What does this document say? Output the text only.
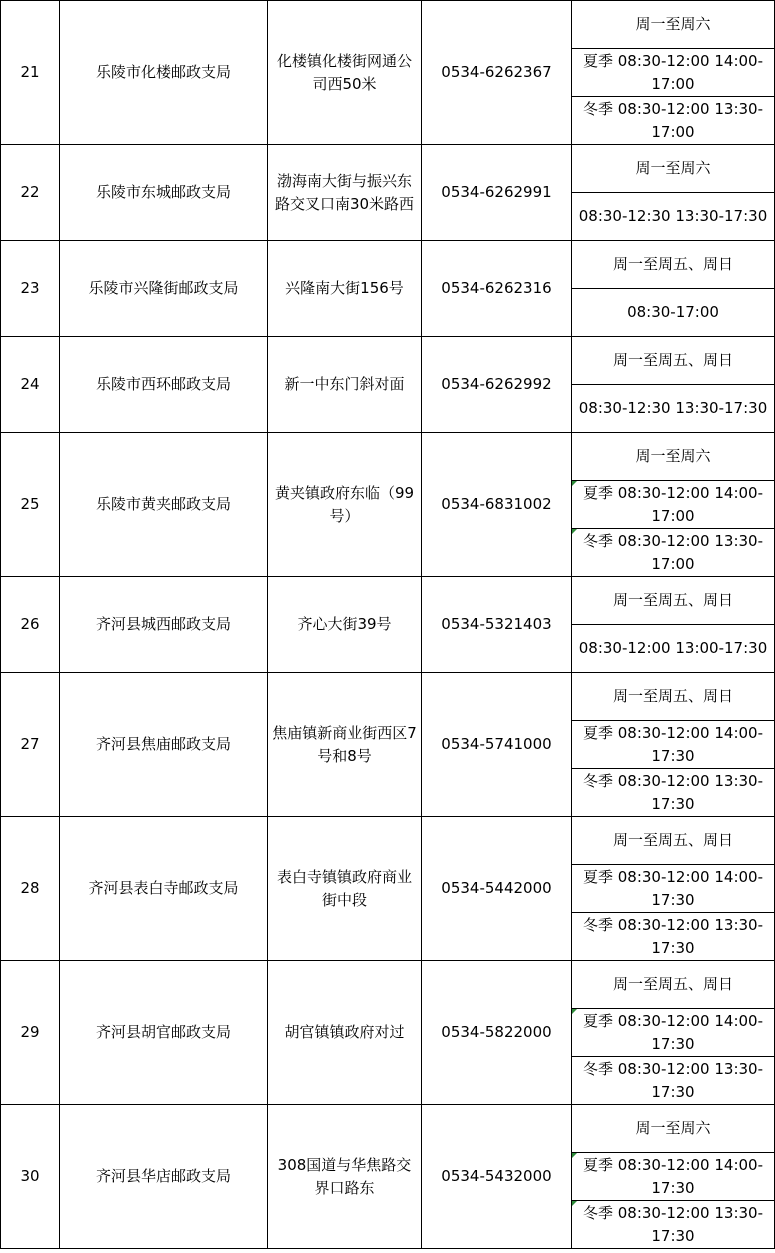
21	乐陵市化楼邮政支局	化楼镇化楼街网通公司西50米	0534-6262367	周一至周六
				夏季 08:30-12:00 14:00-17:00
				冬季 08:30-12:00 13:30-17:00
22	乐陵市东城邮政支局	渤海南大街与振兴东路交叉口南30米路西	0534-6262991	周一至周六
				08:30-12:30 13:30-17:30
23	乐陵市兴隆街邮政支局	兴隆南大街156号	0534-6262316	周一至周五、周日
				08:30-17:00
24	乐陵市西环邮政支局	新一中东门斜对面	0534-6262992	周一至周五、周日
				08:30-12:30 13:30-17:30
25	乐陵市黄夹邮政支局	黄夹镇政府东临（99号）	0534-6831002	周一至周六
				夏季 08:30-12:00 14:00-17:00

				冬季 08:30-12:00 13:30-17:00

26	齐河县城西邮政支局	齐心大街39号	0534-5321403	周一至周五、周日
				08:30-12:00 13:00-17:30
27	齐河县焦庙邮政支局	焦庙镇新商业街西区7号和8号	0534-5741000	周一至周五、周日
				夏季 08:30-12:00 14:00-17:30
				冬季 08:30-12:00 13:30-17:30
28	齐河县表白寺邮政支局	表白寺镇镇政府商业街中段	0534-5442000	周一至周五、周日
				夏季 08:30-12:00 14:00-17:30
				冬季 08:30-12:00 13:30-17:30
29	齐河县胡官邮政支局	胡官镇镇政府对过	0534-5822000	周一至周五、周日
				夏季 08:30-12:00 14:00-17:30

				冬季 08:30-12:00 13:30-17:30
30	齐河县华店邮政支局	308国道与华焦路交界口路东	0534-5432000	周一至周六
				夏季 08:30-12:00 14:00-17:30

				冬季 08:30-12:00 13:30-17:30
